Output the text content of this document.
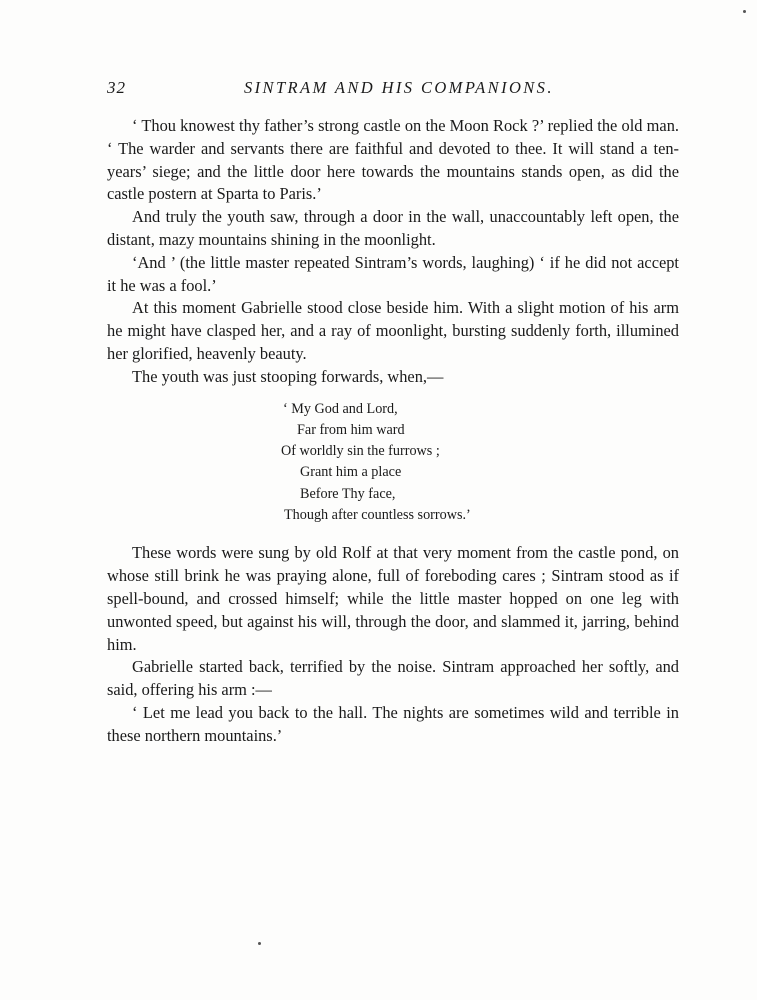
32	SINTRAM AND HIS COMPANIONS.

‘ Thou knowest thy father’s strong castle on the Moon Rock ?’ replied the old man. ‘ The warder and servants there are faithful and devoted to thee. It will stand a ten-years’ siege; and the little door here towards the mountains stands open, as did the castle postern at Sparta to Paris.’

And truly the youth saw, through a door in the wall, unaccountably left open, the distant, mazy mountains shining in the moonlight.

‘And ’ (the little master repeated Sintram’s words, laughing) ‘ if he did not accept it he was a fool.’

At this moment Gabrielle stood close beside him. With a slight motion of his arm he might have clasped her, and a ray of moonlight, bursting suddenly forth, illumined her glorified, heavenly beauty.

The youth was just stooping forwards, when,—

‘ My God and Lord,
Far from him ward
Of worldly sin the furrows ;
Grant him a place
Before Thy face,
Though after countless sorrows.’

These words were sung by old Rolf at that very moment from the castle pond, on whose still brink he was praying alone, full of foreboding cares ; Sintram stood as if spell-bound, and crossed himself; while the little master hopped on one leg with unwonted speed, but against his will, through the door, and slammed it, jarring, behind him.

Gabrielle started back, terrified by the noise. Sintram approached her softly, and said, offering his arm :—

‘ Let me lead you back to the hall. The nights are sometimes wild and terrible in these northern mountains.’
